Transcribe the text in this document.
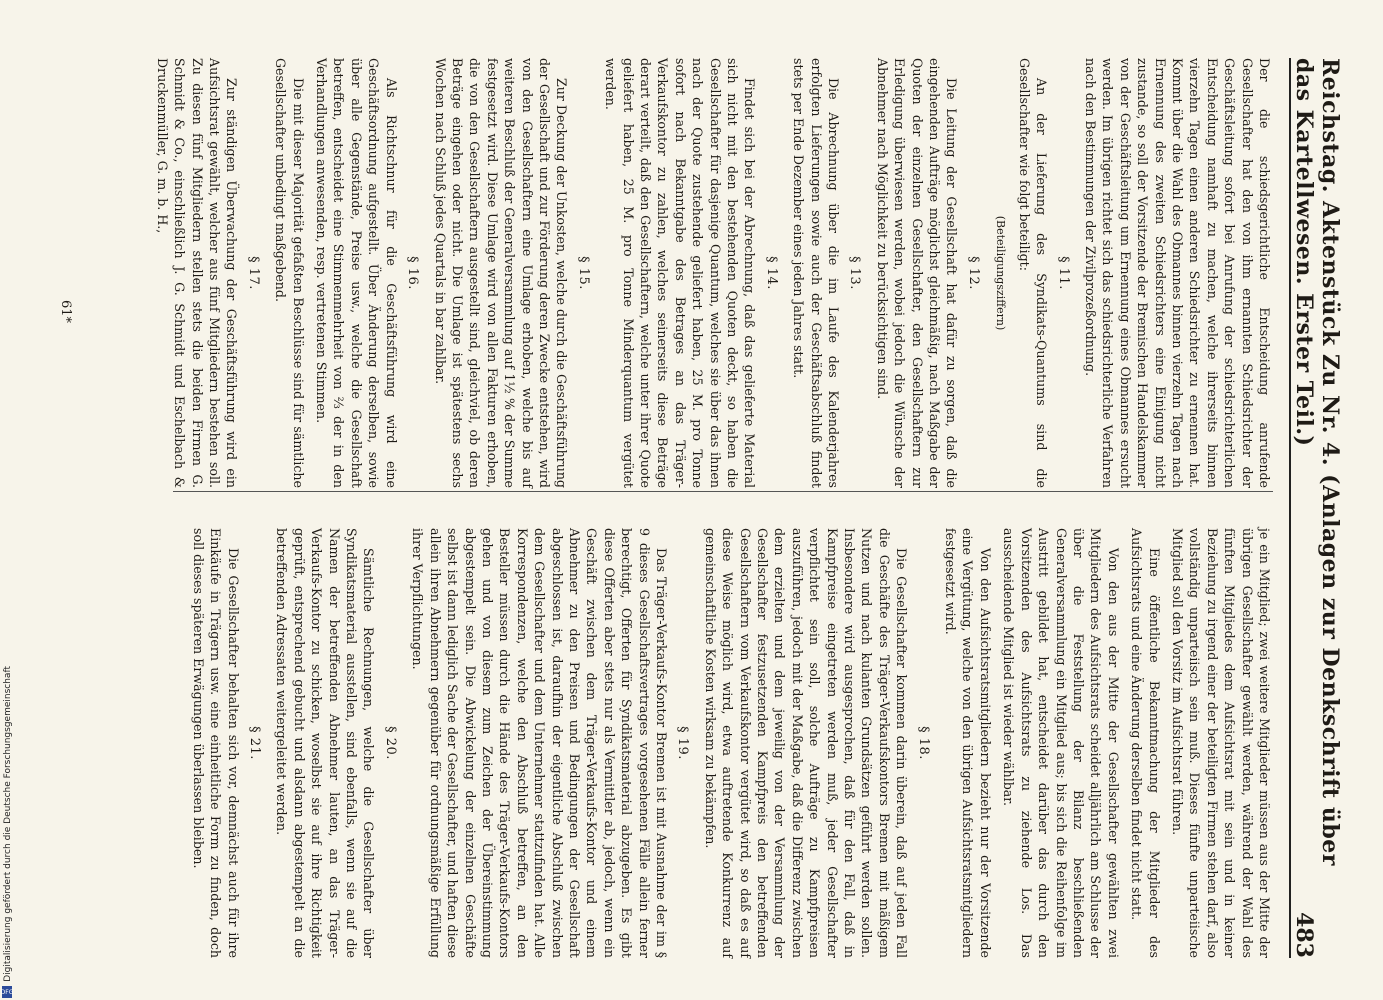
Digitalisierung gefördert durch die Deutsche Forschungsgemeinschaft
DFG
Reichstag. Aktenstück Zu Nr. 4. (Anlagen zur Denkschrift über das Kartellwesen. Erster Teil.)
483

Der die schiedsgerichtliche Entscheidung anrufende Gesellschafter hat den von ihm ernannten Schiedsrichter der Geschäftsleitung sofort bei Anrufung der schiedsrichterlichen Entscheidung namhaft zu machen, welche ihrerseits binnen vierzehn Tagen einen anderen Schiedsrichter zu ernennen hat. Kommt über die Wahl des Obmannes binnen vierzehn Tagen nach Ernennung des zweiten Schiedsrichters eine Einigung nicht zustande, so soll der Vorsitzende der Bremischen Handelskammer von der Geschäftsleitung um Ernennung eines Obmannes ersucht werden. Im übrigen richtet sich das schiedsrichterliche Verfahren nach den Bestimmungen der Zivilprozeßordnung.

§ 11.

An der Lieferung des Syndikats-Quantums sind die Gesellschafter wie folgt beteiligt:

(Beteiligungsziffern)
§ 12.

Die Leitung der Gesellschaft hat dafür zu sorgen, daß die eingehenden Aufträge möglichst gleichmäßig, nach Maßgabe der Quoten der einzelnen Gesellschafter, den Gesellschaftern zur Erledigung überwiesen werden, wobei jedoch die Wünsche der Abnehmer nach Möglichkeit zu berücksichtigen sind.

§ 13.

Die Abrechnung über die im Laufe des Kalenderjahres erfolgten Lieferungen sowie auch der Geschäftsabschluß findet stets per Ende Dezember eines jeden Jahres statt.

§ 14.

Findet sich bei der Abrechnung, daß das gelieferte Material sich nicht mit den bestehenden Quoten deckt, so haben die Gesellschafter für dasjenige Quantum, welches sie über das ihnen nach der Quote zustehende geliefert haben, 25 M. pro Tonne sofort nach Bekanntgabe des Betrages an das Träger-Verkaufskontor zu zahlen, welches seinerseits diese Beträge derart verteilt, daß den Gesellschaftern, welche unter ihrer Quote geliefert haben, 25 M. pro Tonne Minderquantum vergütet werden.

§ 15.

Zur Deckung der Unkosten, welche durch die Geschäftsführung der Gesellschaft und zur Förderung deren Zwecke entstehen, wird von den Gesellschaftern eine Umlage erhoben, welche bis auf weiteren Beschluß der Generalversammlung auf 1½ % der Summe festgesetzt wird. Diese Umlage wird von allen Fakturen erhoben, die von den Gesellschaftern ausgestellt sind, gleichviel, ob deren Beträge eingehen oder nicht. Die Umlage ist spätestens sechs Wochen nach Schluß jedes Quartals in bar zahlbar.

§ 16.

Als Richtschnur für die Geschäftsführung wird eine Geschäftsordnung aufgestellt. Über Änderung derselben, sowie über alle Gegenstände, Preise usw., welche die Gesellschaft betreffen, entscheidet eine Stimmenmehrheit von ⅔ der in den Verhandlungen anwesenden, resp. vertretenen Stimmen.

Die mit dieser Majorität gefaßten Beschlüsse sind für sämtliche Gesellschafter unbedingt maßgebend.

§ 17.

Zur ständigen Überwachung der Geschäftsführung wird ein Aufsichtsrat gewählt, welcher aus fünf Mitgliedern bestehen soll. Zu diesen fünf Mitgliedern stellen stets die beiden Firmen G. Schmidt & Co., einschließlich J. G. Schmidt und Eschelbach & Druckenmüller, G. m. b. H.,

je ein Mitglied; zwei weitere Mitglieder müssen aus der Mitte der übrigen Gesellschafter gewählt werden, während der Wahl des fünften Mitgliedes dem Aufsichtsrat mit sein und in keiner Beziehung zu irgend einer der beteiligten Firmen stehen darf, also vollständig unparteiisch sein muß. Dieses fünfte unparteiische Mitglied soll den Vorsitz im Aufsichtsrat führen.

Eine öffentliche Bekanntmachung der Mitglieder des Aufsichtsrats und eine Änderung derselben findet nicht statt.

Von den aus der Mitte der Gesellschafter gewählten zwei Mitgliedern des Aufsichtsrats scheidet alljährlich am Schlusse der über die Feststellung der Bilanz beschließenden Generalversammlung ein Mitglied aus; bis sich die Reihenfolge im Austritt gebildet hat, entscheidet darüber das durch den Vorsitzenden des Aufsichtsrats zu ziehende Los. Das ausscheidende Mitglied ist wieder wählbar.

Von den Aufsichtsratsmitgliedern bezieht nur der Vorsitzende eine Vergütung, welche von den übrigen Aufsichtsratsmitgliedern festgesetzt wird.

§ 18.

Die Gesellschafter kommen darin überein, daß auf jeden Fall die Geschäfte des Träger-Verkaufskontors Bremen mit mäßigem Nutzen und nach kulanten Grundsätzen geführt werden sollen. Insbesondere wird ausgesprochen, daß für den Fall, daß in Kampfpreise eingetreten werden muß, jeder Gesellschafter verpflichtet sein soll, solche Aufträge zu Kampfpreisen auszuführen, jedoch mit der Maßgabe, daß die Differenz zwischen dem erzielten und dem jeweilig von der Versammlung der Gesellschafter festzusetzenden Kampfpreis den betreffenden Gesellschaftern vom Verkaufskontor vergütet wird, so daß es auf diese Weise möglich wird, etwa auftretende Konkurrenz auf gemeinschaftliche Kosten wirksam zu bekämpfen.

§ 19.

Das Träger-Verkaufs-Kontor Bremen ist mit Ausnahme der im § 9 dieses Gesellschaftsvertrages vorgesehenen Fälle allein ferner berechtigt, Offerten für Syndikatsmaterial abzugeben. Es gibt diese Offerten aber stets nur als Vermittler ab, jedoch, wenn ein Geschäft zwischen dem Träger-Verkaufs-Kontor und einem Abnehmer zu den Preisen und Bedingungen der Gesellschaft abgeschlossen ist, daraufhin der eigentliche Abschluß zwischen dem Gesellschafter und dem Unternehmer stattzufinden hat. Alle Korrespondenzen, welche den Abschluß betreffen, an den Besteller müssen durch die Hände des Träger-Verkaufs-Kontors gehen und von diesem zum Zeichen der Übereinstimmung abgestempelt sein. Die Abwickelung der einzelnen Geschäfte selbst ist dann lediglich Sache der Gesellschafter, und haften diese allein ihren Abnehmern gegenüber für ordnungsmäßige Erfüllung ihrer Verpflichtungen.

§ 20.

Sämtliche Rechnungen, welche die Gesellschafter über Syndikatsmaterial ausstellen, sind ebenfalls, wenn sie auf die Namen der betreffenden Abnehmer lauten, an das Träger-Verkaufs-Kontor zu schicken, woselbst sie auf ihre Richtigkeit geprüft, entsprechend gebucht und alsdann abgestempelt an die betreffenden Adressaten weitergeleitet werden.

§ 21.

Die Gesellschafter behalten sich vor, demnächst auch für ihre Einkäufe in Trägern usw. eine einheitliche Form zu finden, doch soll dieses späteren Erwägungen überlassen bleiben.

61*
